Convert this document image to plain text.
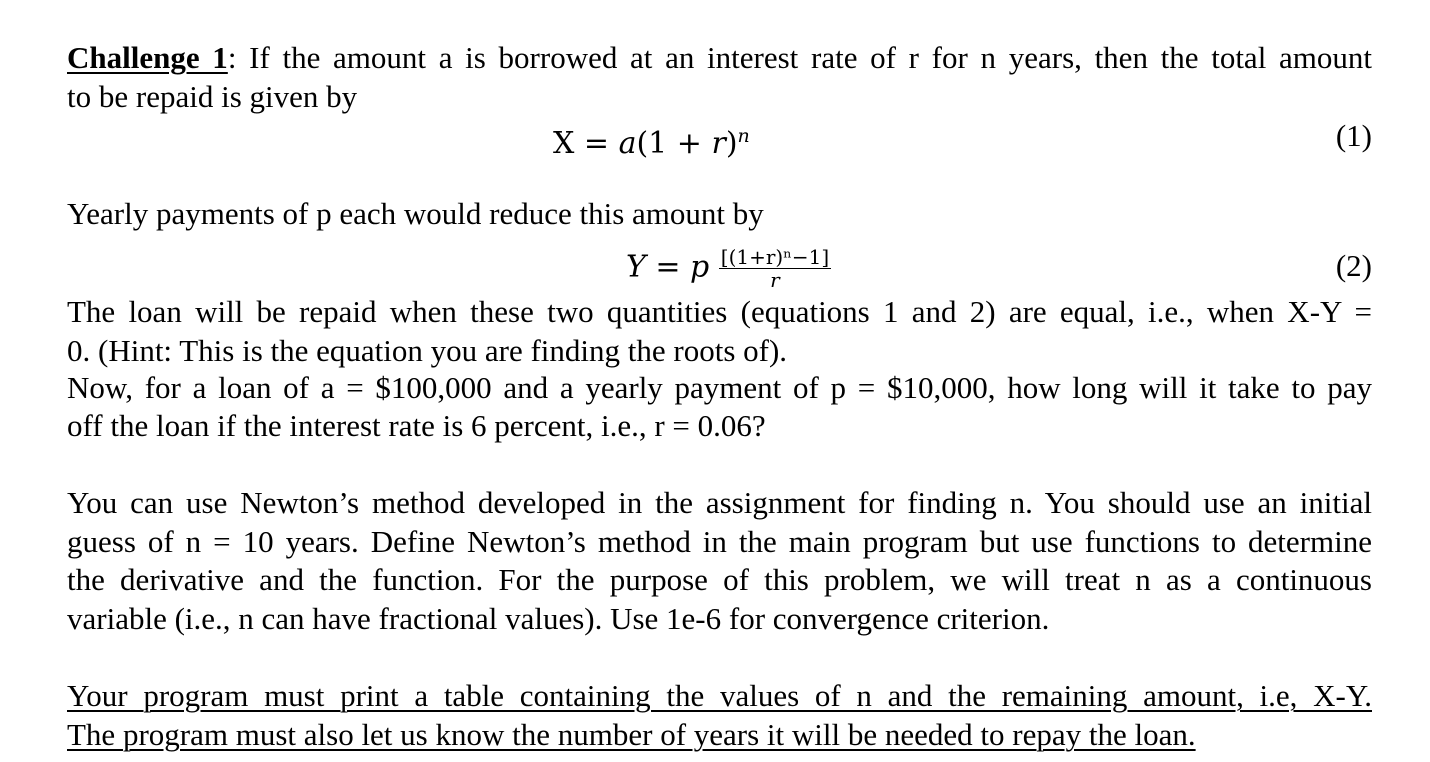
Challenge 1: If the amount a is borrowed at an interest rate of r for n years, then the total amount
to be repaid is given by
$X = a(1 + r)^n$	(1)
Yearly payments of p each would reduce this amount by
Y = p $\frac{\text{[(1+r)ⁿ−1]}}{r}$	(2)
The loan will be repaid when these two quantities (equations 1 and 2) are equal, i.e., when X-Y =
0. (Hint: This is the equation you are finding the roots of).
Now, for a loan of a = $100,000 and a yearly payment of p = $10,000, how long will it take to pay
off the loan if the interest rate is 6 percent, i.e., r = 0.06?
You can use Newton’s method developed in the assignment for finding n. You should use an initial
guess of n = 10 years. Define Newton’s method in the main program but use functions to determine
the derivative and the function. For the purpose of this problem, we will treat n as a continuous
variable (i.e., n can have fractional values). Use 1e-6 for convergence criterion.
Your program must print a table containing the values of n and the remaining amount, i.e, X-Y.
The program must also let us know the number of years it will be needed to repay the loan.
